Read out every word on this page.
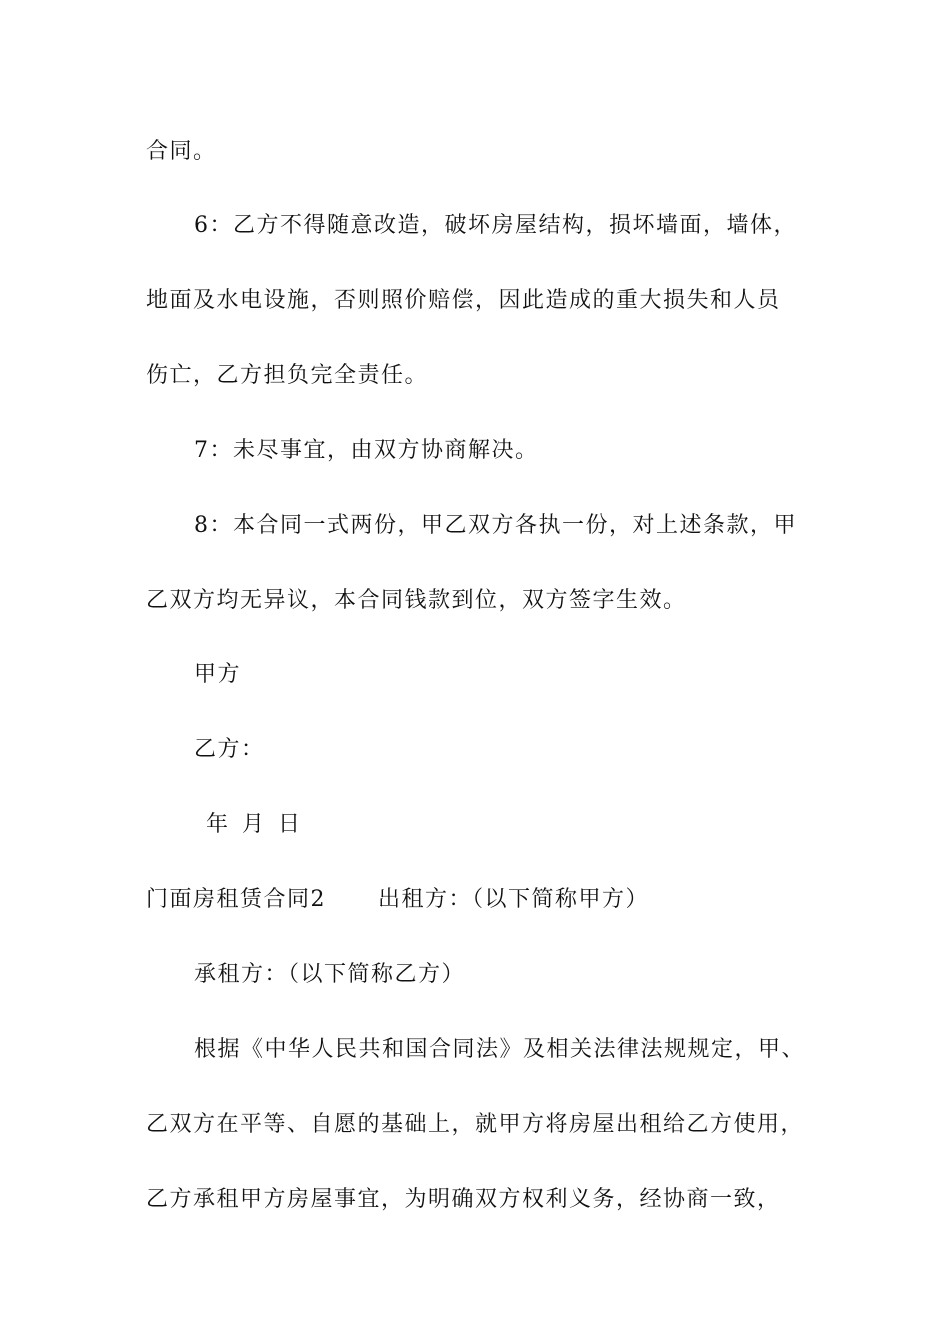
合同。

6：乙方不得随意改造，破坏房屋结构，损坏墙面，墙体，

地面及水电设施，否则照价赔偿，因此造成的重大损失和人员

伤亡，乙方担负完全责任。

7：未尽事宜，由双方协商解决。

8：本合同一式两份，甲乙双方各执一份，对上述条款，甲

乙双方均无异议，本合同钱款到位，双方签字生效。

甲方

乙方：

年 月 日

门面房租赁合同2 出租方：（以下简称甲方）

承租方：（以下简称乙方）

根据《中华人民共和国合同法》及相关法律法规规定，甲、

乙双方在平等、自愿的基础上，就甲方将房屋出租给乙方使用，

乙方承租甲方房屋事宜，为明确双方权利义务，经协商一致，
